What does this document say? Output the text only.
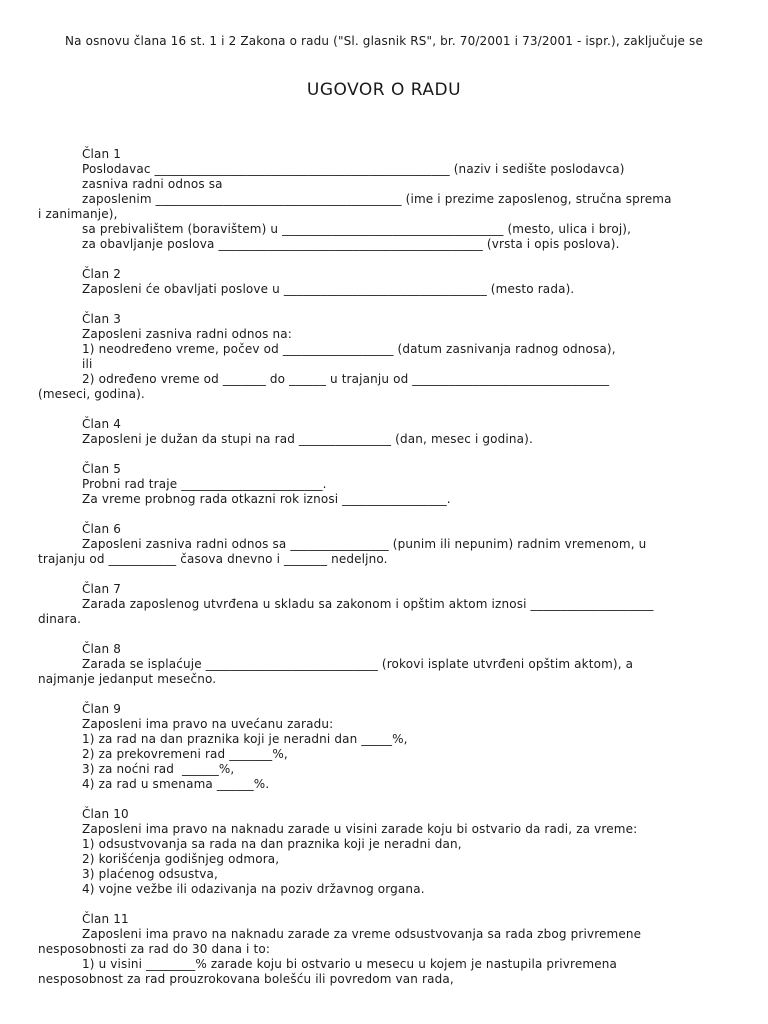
Na osnovu člana 16 st. 1 i 2 Zakona o radu ("Sl. glasnik RS", br. 70/2001 i 73/2001 - ispr.), zaključuje se
UGOVOR O RADU
Član 1
Poslodavac ________________________________________________ (naziv i sedište poslodavca)
zasniva radni odnos sa
zaposlenim ________________________________________ (ime i prezime zaposlenog, stručna sprema
i zanimanje),
sa prebivalištem (boravištem) u ____________________________________ (mesto, ulica i broj),
za obavljanje poslova ___________________________________________ (vrsta i opis poslova).
Član 2
Zaposleni će obavljati poslove u _________________________________ (mesto rada).
Član 3
Zaposleni zasniva radni odnos na:
1) neodređeno vreme, počev od __________________ (datum zasnivanja radnog odnosa),
ili
2) određeno vreme od _______ do ______ u trajanju od ________________________________
(meseci, godina).
Član 4
Zaposleni je dužan da stupi na rad _______________ (dan, mesec i godina).
Član 5
Probni rad traje _______________________.
Za vreme probnog rada otkazni rok iznosi _________________.
Član 6
Zaposleni zasniva radni odnos sa ________________ (punim ili nepunim) radnim vremenom, u
trajanju od ___________ časova dnevno i _______ nedeljno.
Član 7
Zarada zaposlenog utvrđena u skladu sa zakonom i opštim aktom iznosi ____________________
dinara.
Član 8
Zarada se isplaćuje ____________________________ (rokovi isplate utvrđeni opštim aktom), a
najmanje jedanput mesečno.
Član 9
Zaposleni ima pravo na uvećanu zaradu:
1) za rad na dan praznika koji je neradni dan _____%,
2) za prekovremeni rad _______%,
3) za noćni rad  ______%,
4) za rad u smenama ______%.
Član 10
Zaposleni ima pravo na naknadu zarade u visini zarade koju bi ostvario da radi, za vreme:
1) odsustvovanja sa rada na dan praznika koji je neradni dan,
2) korišćenja godišnjeg odmora,
3) plaćenog odsustva,
4) vojne vežbe ili odazivanja na poziv državnog organa.
Član 11
Zaposleni ima pravo na naknadu zarade za vreme odsustvovanja sa rada zbog privremene
nesposobnosti za rad do 30 dana i to:
1) u visini ________% zarade koju bi ostvario u mesecu u kojem je nastupila privremena
nesposobnost za rad prouzrokovana bolešću ili povredom van rada,
